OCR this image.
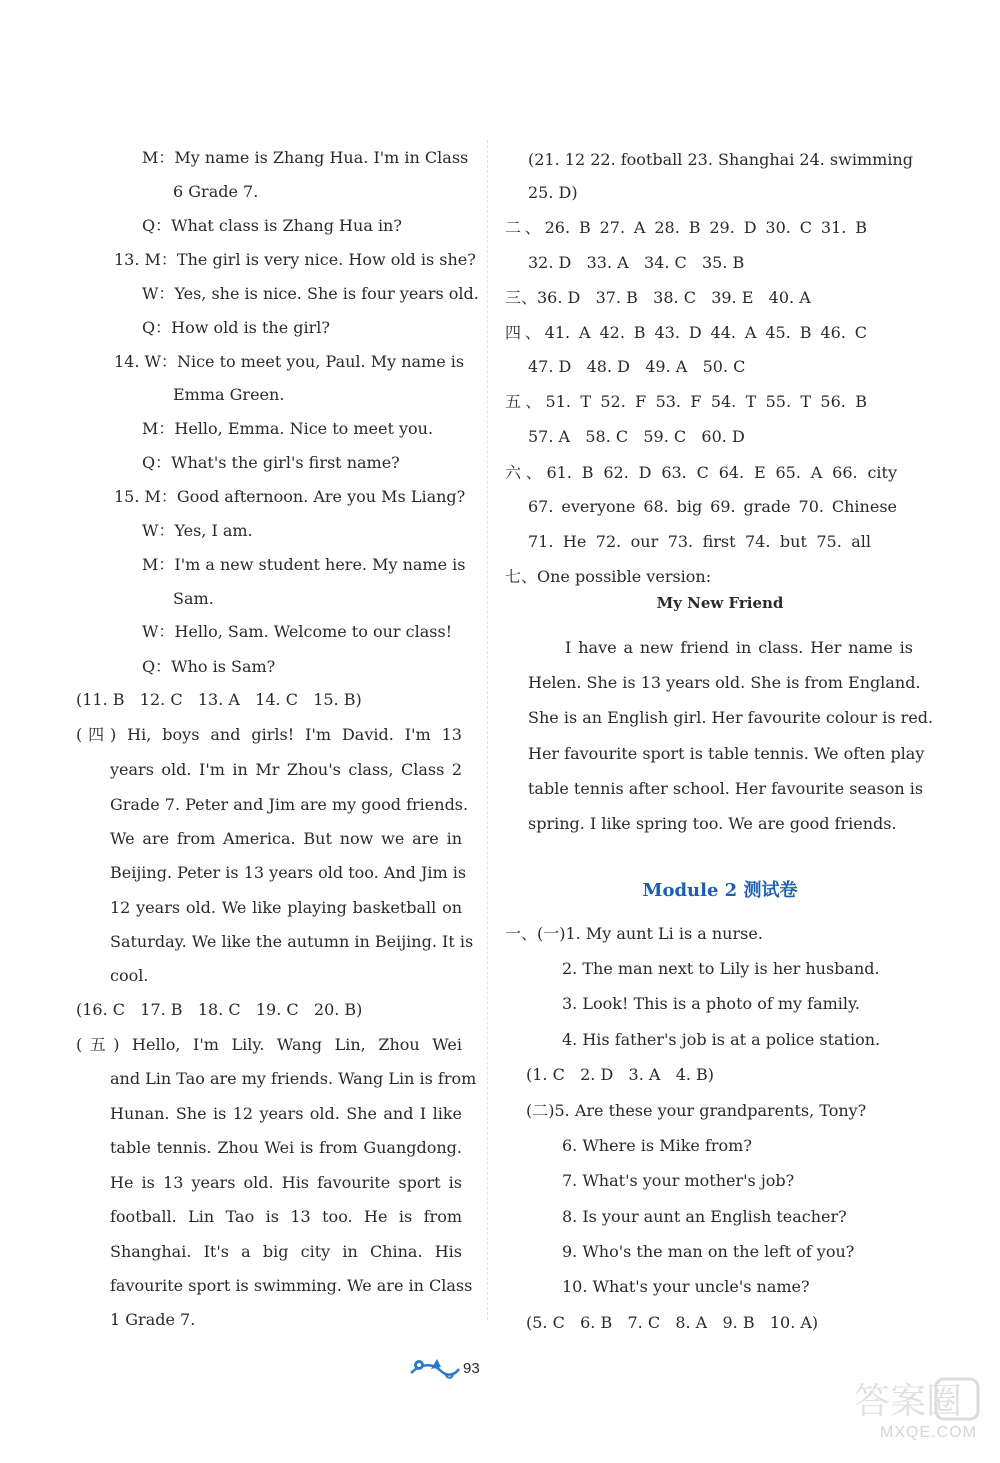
M：My name is Zhang Hua. I'm in Class
6 Grade 7.
Q：What class is Zhang Hua in?
13. M：The girl is very nice. How old is she?
W：Yes, she is nice. She is four years old.
Q：How old is the girl?
14. W：Nice to meet you, Paul. My name is
Emma Green.
M：Hello, Emma. Nice to meet you.
Q：What's the girl's first name?
15. M：Good afternoon. Are you Ms Liang?
W：Yes, I am.
M：I'm a new student here. My name is
Sam.
W：Hello, Sam. Welcome to our class!
Q：Who is Sam?
(11. B   12. C   13. A   14. C   15. B)
(四) Hi, boys and girls! I'm David. I'm 13
years old. I'm in Mr Zhou's class, Class 2
Grade 7. Peter and Jim are my good friends.
We are from America. But now we are in
Beijing. Peter is 13 years old too. And Jim is
12 years old. We like playing basketball on
Saturday. We like the autumn in Beijing. It is
cool.
(16. C   17. B   18. C   19. C   20. B)
(五) Hello, I'm Lily. Wang Lin, Zhou Wei
and Lin Tao are my friends. Wang Lin is from
Hunan. She is 12 years old. She and I like
table tennis. Zhou Wei is from Guangdong.
He is 13 years old. His favourite sport is
football. Lin Tao is 13 too. He is from
Shanghai. It's a big city in China. His
favourite sport is swimming. We are in Class
1 Grade 7.
(21. 12 22. football 23. Shanghai 24. swimming
25. D)
二、26. B 27. A 28. B 29. D 30. C 31. B
32. D   33. A   34. C   35. B
三、36. D   37. B   38. C   39. E   40. A
四、41. A 42. B 43. D 44. A 45. B 46. C
47. D   48. D   49. A   50. C
五、51. T 52. F 53. F 54. T 55. T 56. B
57. A   58. C   59. C   60. D
六、61. B 62. D 63. C 64. E 65. A 66. city
67. everyone 68. big 69. grade 70. Chinese
71. He 72. our 73. first 74. but 75. all
七、One possible version:
I have a new friend in class. Her name is
Helen. She is 13 years old. She is from England.
She is an English girl. Her favourite colour is red.
Her favourite sport is table tennis. We often play
table tennis after school. Her favourite season is
spring. I like spring too. We are good friends.
一、(一)1. My aunt Li is a nurse.
2. The man next to Lily is her husband.
3. Look! This is a photo of my family.
4. His father's job is at a police station.
(1. C   2. D   3. A   4. B)
(二)5. Are these your grandparents, Tony?
6. Where is Mike from?
7. What's your mother's job?
8. Is your aunt an English teacher?
9. Who's the man on the left of you?
10. What's your uncle's name?
(5. C   6. B   7. C   8. A   9. B   10. A)
My New Friend
Module 2 测试卷
93
答案圈
MXQE.COM
